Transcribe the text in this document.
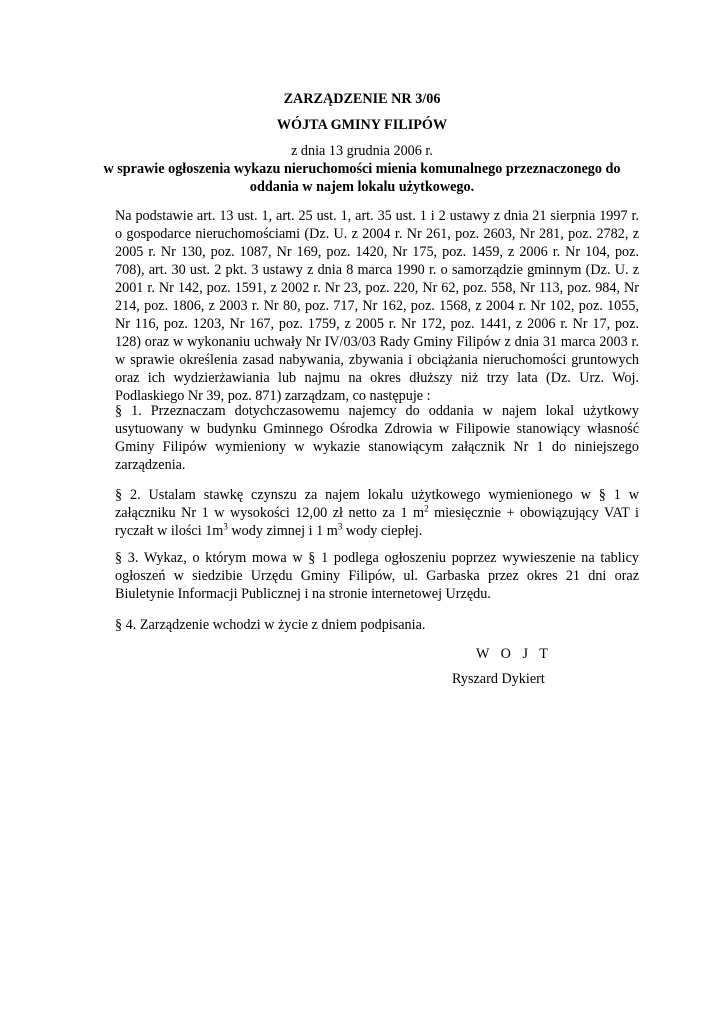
ZARZĄDZENIE NR 3/06
WÓJTA GMINY FILIPÓW
z dnia 13 grudnia 2006 r.
w sprawie ogłoszenia wykazu nieruchomości mienia komunalnego przeznaczonego do
oddania w najem lokalu użytkowego.
Na podstawie art. 13 ust. 1, art. 25 ust. 1, art. 35 ust. 1 i 2 ustawy z dnia 21 sierpnia 1997 r. o gospodarce nieruchomościami (Dz. U. z 2004 r. Nr 261, poz. 2603, Nr 281, poz. 2782, z 2005 r. Nr 130, poz. 1087, Nr 169, poz. 1420, Nr 175, poz. 1459, z 2006 r. Nr 104, poz. 708), art. 30 ust. 2 pkt. 3 ustawy z dnia 8 marca 1990 r. o samorządzie gminnym (Dz. U. z 2001 r. Nr 142, poz. 1591, z 2002 r. Nr 23, poz. 220, Nr 62, poz. 558, Nr 113, poz. 984, Nr 214, poz. 1806, z 2003 r. Nr 80, poz. 717, Nr 162, poz. 1568, z 2004 r. Nr 102, poz. 1055, Nr 116, poz. 1203, Nr 167, poz. 1759, z 2005 r. Nr 172, poz. 1441, z 2006 r. Nr 17, poz. 128) oraz w wykonaniu uchwały Nr IV/03/03 Rady Gminy Filipów z dnia 31 marca 2003 r. w sprawie określenia zasad nabywania, zbywania i obciążania nieruchomości gruntowych oraz ich wydzierżawiania lub najmu na okres dłuższy niż trzy lata (Dz. Urz. Woj. Podlaskiego Nr 39, poz. 871) zarządzam, co następuje :
§ 1. Przeznaczam dotychczasowemu najemcy do oddania w najem lokal użytkowy usytuowany w budynku Gminnego Ośrodka Zdrowia w Filipowie stanowiący własność Gminy Filipów wymieniony w wykazie stanowiącym załącznik Nr 1 do niniejszego zarządzenia.
§ 2. Ustalam stawkę czynszu za najem lokalu użytkowego wymienionego w § 1 w załączniku Nr 1 w wysokości 12,00 zł netto za 1 $m^2$ miesięcznie + obowiązujący VAT i ryczałt w ilości $1m^3$ wody zimnej i 1 $m^3$ wody ciepłej.
§ 3. Wykaz, o którym mowa w § 1 podlega ogłoszeniu poprzez wywieszenie na tablicy ogłoszeń w siedzibie Urzędu Gminy Filipów, ul. Garbaska przez okres 21 dni oraz Biuletynie Informacji Publicznej i na stronie internetowej Urzędu.
§ 4. Zarządzenie wchodzi w życie z dniem podpisania.
W O J T
Ryszard Dykiert
